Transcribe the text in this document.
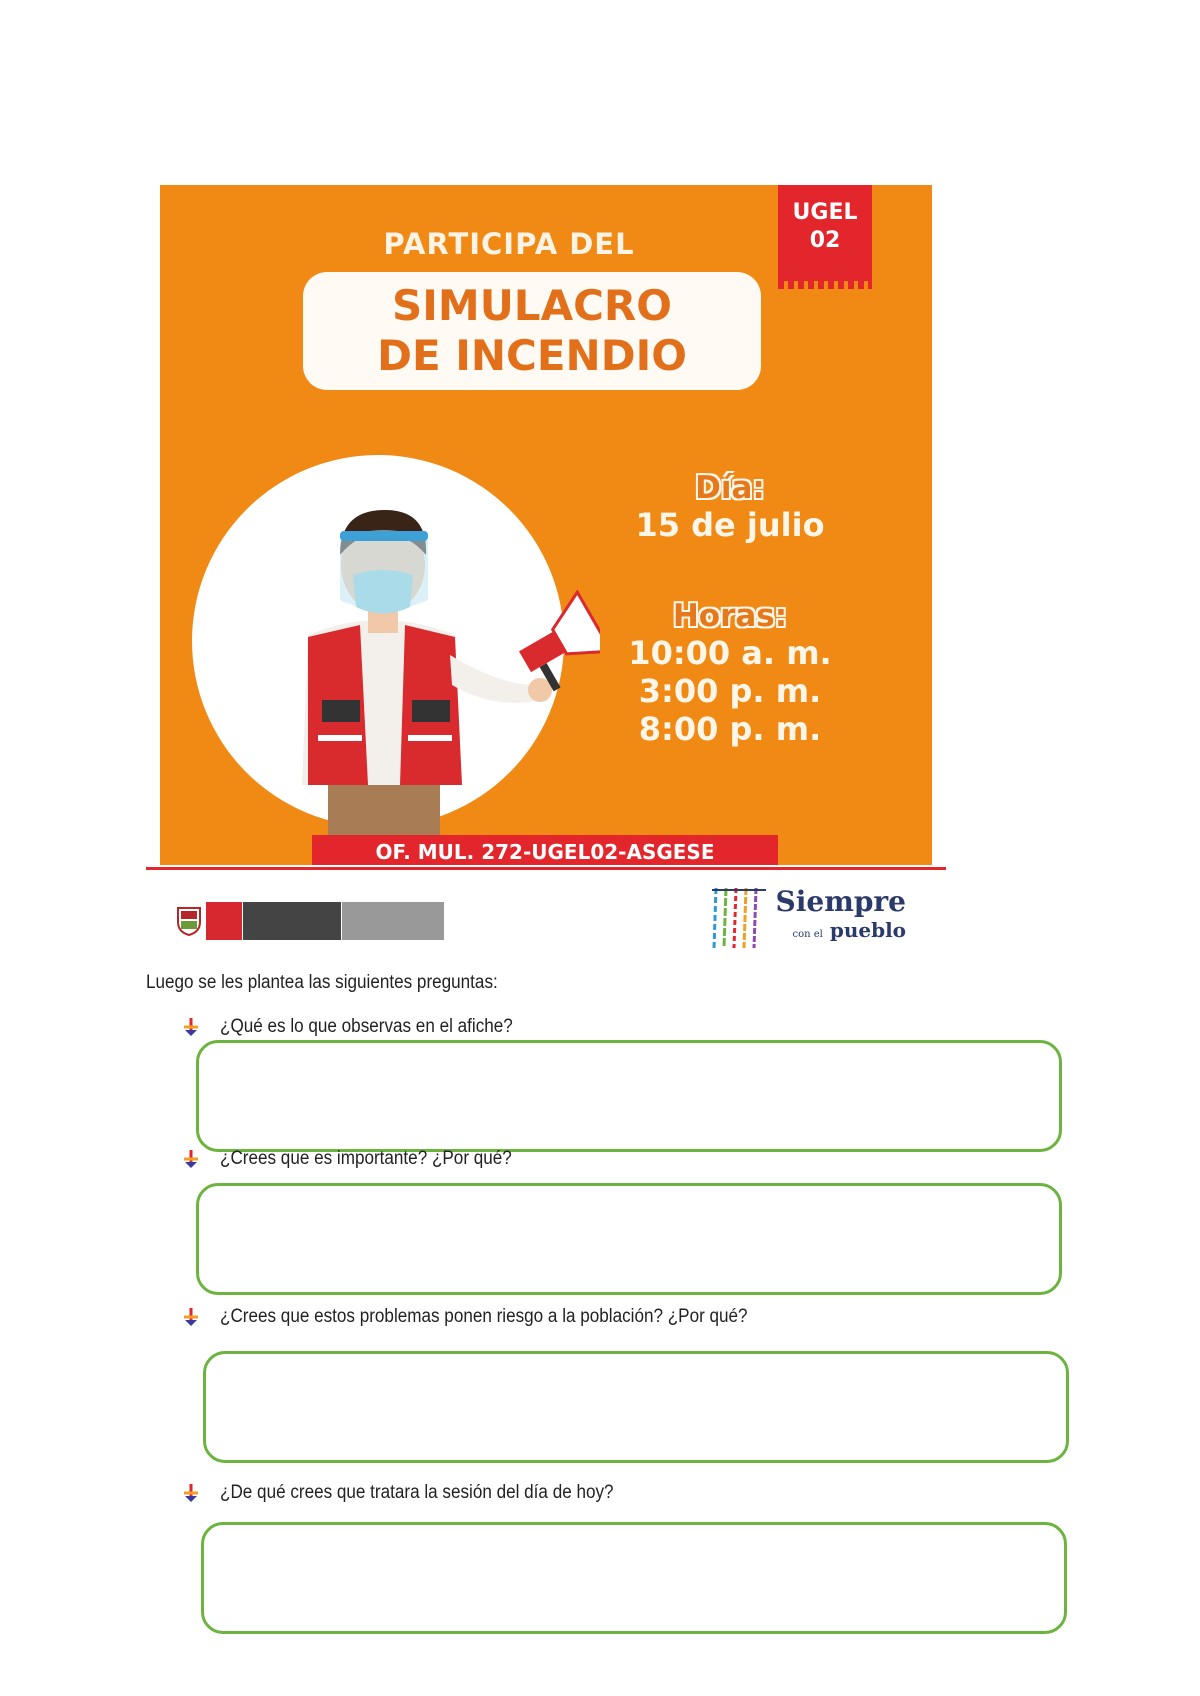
PARTICIPA DEL
SIMULACRO
DE INCENDIO
UGEL
02
Día:
15 de julio
Horas:
10:00 a. m.
3:00 p. m.
8:00 p. m.
OF. MUL. 272-UGEL02-ASGESE
Siempre
con el pueblo
Luego se les plantea las siguientes preguntas:
¿Qué es lo que observas en el afiche?
¿Crees que es importante? ¿Por qué?
¿Crees que estos problemas ponen riesgo a la población? ¿Por qué?
¿De qué crees que tratara la sesión del día de hoy?
